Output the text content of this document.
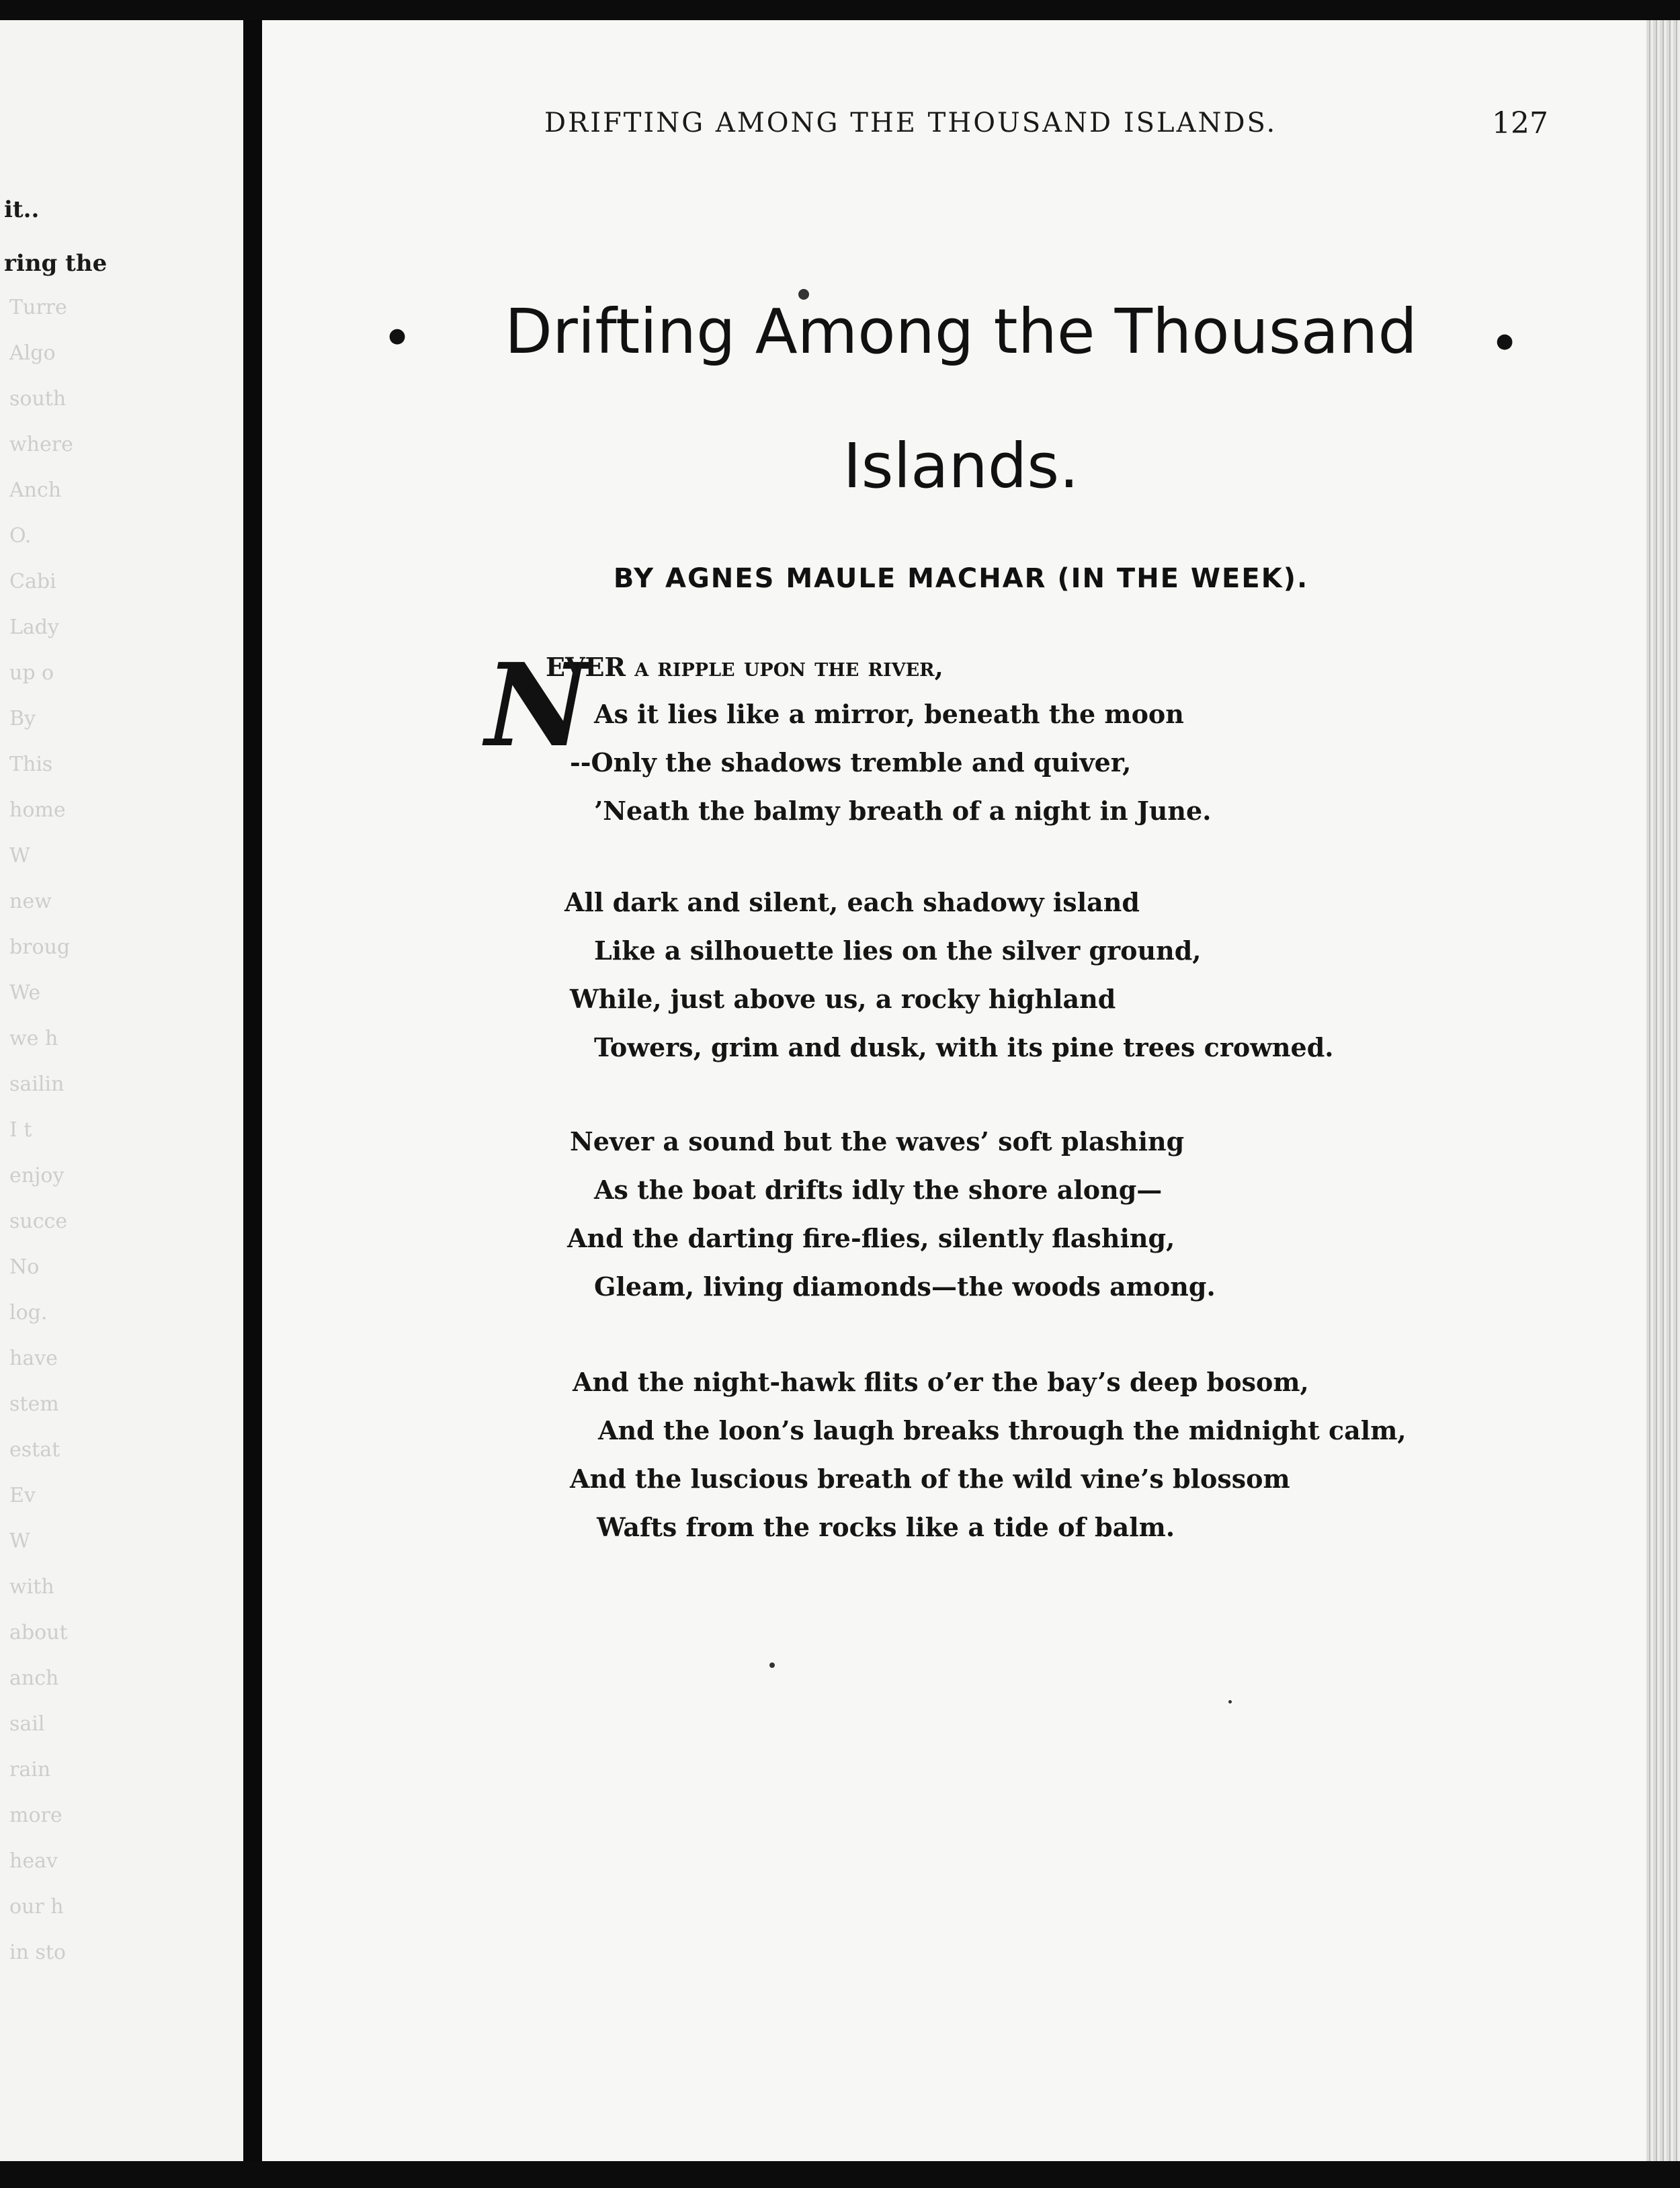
it..
ring the
Turre
Algo
south
where
Anch
O.
Cabi
Lady
up o
By
This
home
W
new
broug
We
we h
sailin
I t
enjoy
succe
No
log.
have
stem
estat
Ev
W
with
about
anch
sail
rain
more
heav
our h
in sto
DRIFTING AMONG THE THOUSAND ISLANDS.	127
●	Drifting Among the Thousand	●
Islands.
BY AGNES MAULE MACHAR (IN THE WEEK).
N
EVER a ripple upon the river,
As it lies like a mirror, beneath the moon
--Only the shadows tremble and quiver,
’Neath the balmy breath of a night in June.
All dark and silent, each shadowy island
Like a silhouette lies on the silver ground,
While, just above us, a rocky highland
Towers, grim and dusk, with its pine trees crowned.
Never a sound but the waves’ soft plashing
As the boat drifts idly the shore along—
And the darting fire-flies, silently flashing,
Gleam, living diamonds—the woods among.
And the night-hawk flits o’er the bay’s deep bosom,
And the loon’s laugh breaks through the midnight calm,
And the luscious breath of the wild vine’s blossom
Wafts from the rocks like a tide of balm.
